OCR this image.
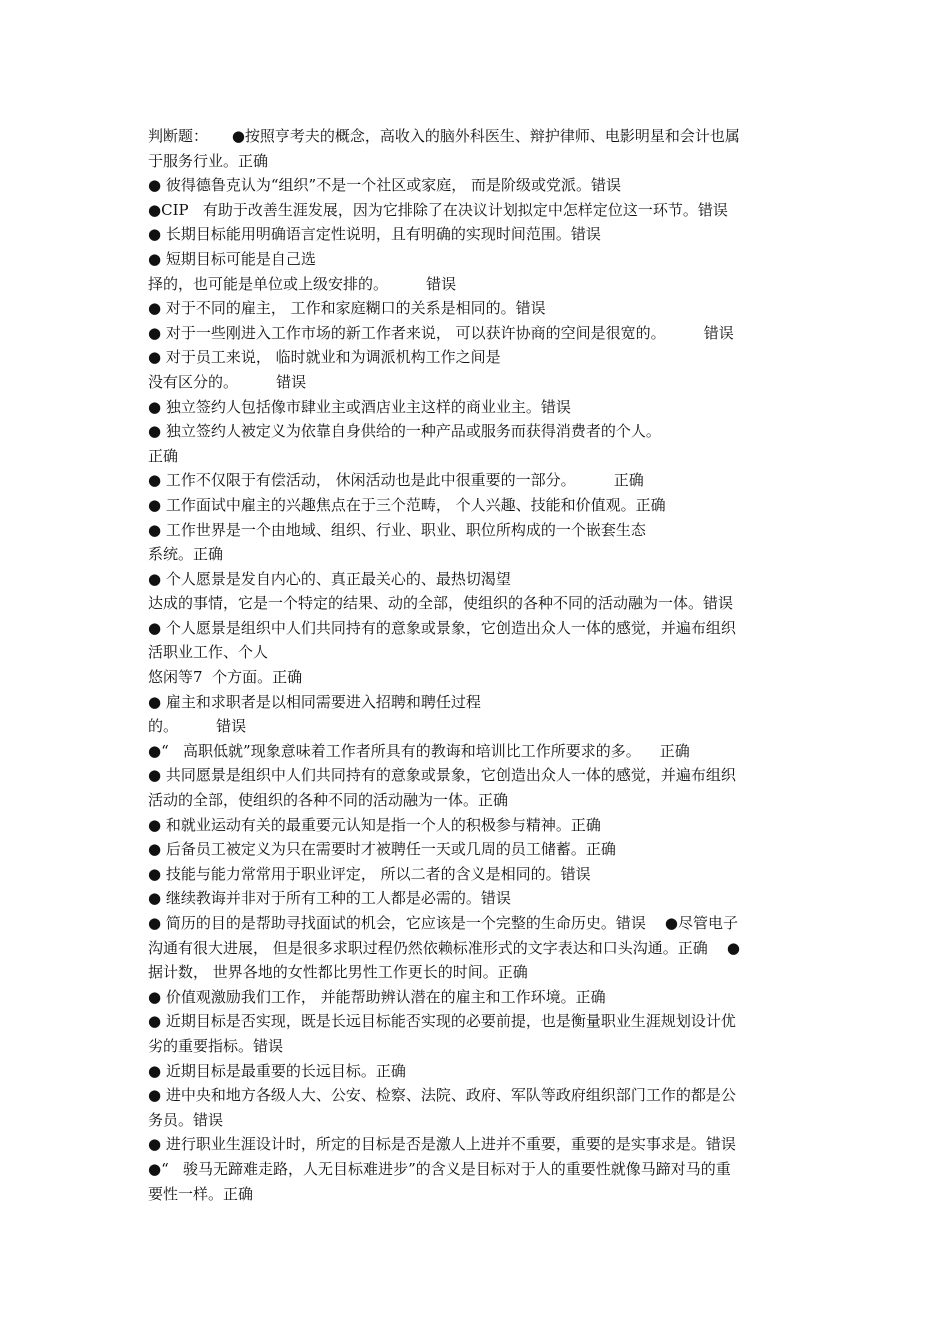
判断题：     ●按照亨考夫的概念，高收入的脑外科医生、辩护律师、电影明星和会计也属
于服务行业。正确
● 彼得德鲁克认为“组织”不是一个社区或家庭， 而是阶级或党派。错误
●CIP   有助于改善生涯发展，因为它排除了在决议计划拟定中怎样定位这一环节。错误
● 长期目标能用明确语言定性说明，且有明确的实现时间范围。错误
● 短期目标可能是自己选
择的，也可能是单位或上级安排的。        错误
● 对于不同的雇主， 工作和家庭糊口的关系是相同的。错误
● 对于一些刚进入工作市场的新工作者来说， 可以获许协商的空间是很宽的。        错误
● 对于员工来说， 临时就业和为调派机构工作之间是
没有区分的。        错误
● 独立签约人包括像市肆业主或酒店业主这样的商业业主。错误
● 独立签约人被定义为依靠自身供给的一种产品或服务而获得消费者的个人。
正确
● 工作不仅限于有偿活动， 休闲活动也是此中很重要的一部分。        正确
● 工作面试中雇主的兴趣焦点在于三个范畴， 个人兴趣、技能和价值观。正确
● 工作世界是一个由地域、组织、行业、职业、职位所构成的一个嵌套生态
系统。正确
● 个人愿景是发自内心的、真正最关心的、最热切渴望
达成的事情，它是一个特定的结果、动的全部，使组织的各种不同的活动融为一体。错误
● 个人愿景是组织中人们共同持有的意象或景象，它创造出众人一体的感觉，并遍布组织
活职业工作、个人
悠闲等7  个方面。正确
● 雇主和求职者是以相同需要进入招聘和聘任过程
的。        错误
●“   高职低就”现象意味着工作者所具有的教诲和培训比工作所要求的多。    正确
● 共同愿景是组织中人们共同持有的意象或景象，它创造出众人一体的感觉，并遍布组织
活动的全部，使组织的各种不同的活动融为一体。正确
● 和就业运动有关的最重要元认知是指一个人的积极参与精神。正确
● 后备员工被定义为只在需要时才被聘任一天或几周的员工储蓄。正确
● 技能与能力常常用于职业评定， 所以二者的含义是相同的。错误
● 继续教诲并非对于所有工种的工人都是必需的。错误
● 简历的目的是帮助寻找面试的机会，它应该是一个完整的生命历史。错误    ●尽管电子
沟通有很大进展， 但是很多求职过程仍然依赖标准形式的文字表达和口头沟通。正确    ●
据计数， 世界各地的女性都比男性工作更长的时间。正确
● 价值观激励我们工作， 并能帮助辨认潜在的雇主和工作环境。正确
● 近期目标是否实现，既是长远目标能否实现的必要前提，也是衡量职业生涯规划设计优
劣的重要指标。错误
● 近期目标是最重要的长远目标。正确
● 进中央和地方各级人大、公安、检察、法院、政府、军队等政府组织部门工作的都是公
务员。错误
● 进行职业生涯设计时，所定的目标是否是激人上进并不重要，重要的是实事求是。错误
●“   骏马无蹄难走路，人无目标难进步”的含义是目标对于人的重要性就像马蹄对马的重
要性一样。正确
